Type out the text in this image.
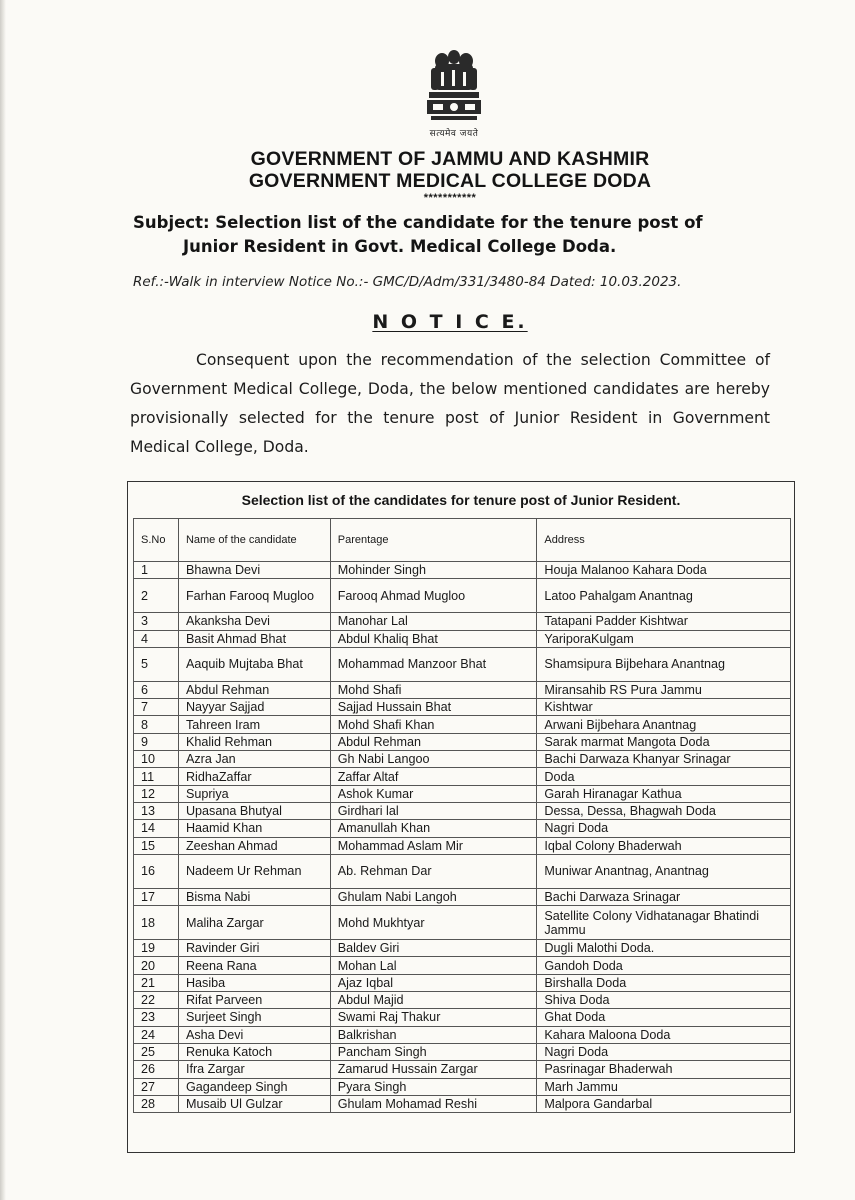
सत्यमेव जयते
GOVERNMENT OF JAMMU AND KASHMIR
GOVERNMENT MEDICAL COLLEGE DODA
***********
Subject: Selection list of the candidate for the tenure post of
Junior Resident in Govt. Medical College Doda.
Ref.:-Walk in interview Notice No.:- GMC/D/Adm/331/3480-84 Dated: 10.03.2023.
N O T I C E.
Consequent upon the recommendation of the selection Committee of Government Medical College, Doda, the below mentioned candidates are hereby provisionally selected for the tenure post of Junior Resident in Government Medical College, Doda.
Selection list of the candidates for tenure post of Junior Resident.
S.No	Name of the candidate	Parentage	Address
1	Bhawna Devi	Mohinder Singh	Houja Malanoo Kahara Doda
2	Farhan Farooq Mugloo	Farooq Ahmad Mugloo	Latoo Pahalgam Anantnag
3	Akanksha Devi	Manohar Lal	Tatapani Padder Kishtwar
4	Basit Ahmad Bhat	Abdul Khaliq Bhat	YariporaKulgam
5	Aaquib Mujtaba Bhat	Mohammad Manzoor Bhat	Shamsipura Bijbehara Anantnag
6	Abdul Rehman	Mohd Shafi	Miransahib RS Pura Jammu
7	Nayyar Sajjad	Sajjad Hussain Bhat	Kishtwar
8	Tahreen Iram	Mohd Shafi Khan	Arwani Bijbehara Anantnag
9	Khalid Rehman	Abdul Rehman	Sarak marmat Mangota Doda
10	Azra Jan	Gh Nabi Langoo	Bachi Darwaza Khanyar Srinagar
11	RidhaZaffar	Zaffar Altaf	Doda
12	Supriya	Ashok Kumar	Garah Hiranagar Kathua
13	Upasana Bhutyal	Girdhari lal	Dessa, Dessa, Bhagwah Doda
14	Haamid Khan	Amanullah Khan	Nagri Doda
15	Zeeshan Ahmad	Mohammad Aslam Mir	Iqbal Colony Bhaderwah
16	Nadeem Ur Rehman	Ab. Rehman Dar	Muniwar Anantnag, Anantnag
17	Bisma Nabi	Ghulam Nabi Langoh	Bachi Darwaza Srinagar
18	Maliha Zargar	Mohd Mukhtyar	Satellite Colony Vidhatanagar Bhatindi Jammu
19	Ravinder Giri	Baldev Giri	Dugli Malothi Doda.
20	Reena Rana	Mohan Lal	Gandoh Doda
21	Hasiba	Ajaz Iqbal	Birshalla Doda
22	Rifat Parveen	Abdul Majid	Shiva Doda
23	Surjeet Singh	Swami Raj Thakur	Ghat Doda
24	Asha Devi	Balkrishan	Kahara Maloona Doda
25	Renuka Katoch	Pancham Singh	Nagri Doda
26	Ifra Zargar	Zamarud Hussain Zargar	Pasrinagar Bhaderwah
27	Gagandeep Singh	Pyara Singh	Marh Jammu
28	Musaib Ul Gulzar	Ghulam Mohamad Reshi	Malpora Gandarbal
